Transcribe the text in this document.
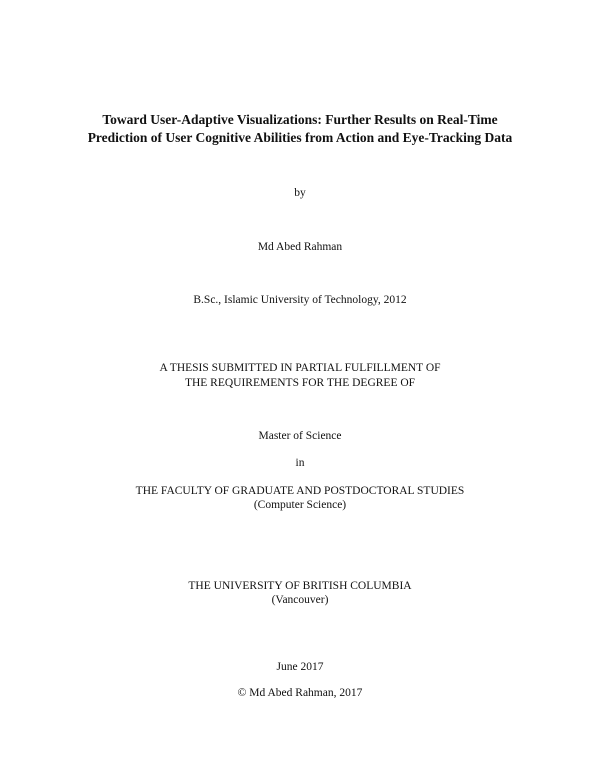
Toward User-Adaptive Visualizations: Further Results on Real-Time
Prediction of User Cognitive Abilities from Action and Eye-Tracking Data
by
Md Abed Rahman
B.Sc., Islamic University of Technology, 2012
A THESIS SUBMITTED IN PARTIAL FULFILLMENT OF
THE REQUIREMENTS FOR THE DEGREE OF
Master of Science
in
THE FACULTY OF GRADUATE AND POSTDOCTORAL STUDIES
(Computer Science)
THE UNIVERSITY OF BRITISH COLUMBIA
(Vancouver)
June 2017
© Md Abed Rahman, 2017
